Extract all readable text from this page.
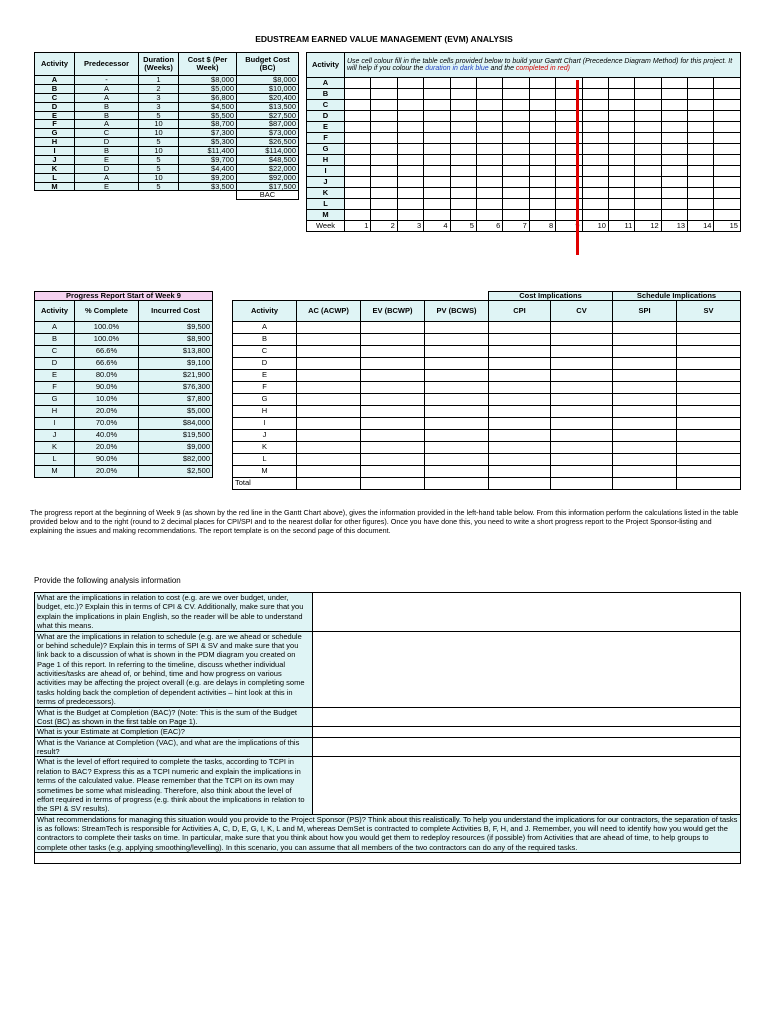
EDUSTREAM EARNED VALUE MANAGEMENT (EVM) ANALYSIS
Activity	Predecessor	Duration (Weeks)	Cost $ (Per Week)	Budget Cost (BC)
A	-	1	$8,000	$8,000
B	A	2	$5,000	$10,000
C	A	3	$6,800	$20,400
D	B	3	$4,500	$13,500
E	B	5	$5,500	$27,500
F	A	10	$8,700	$87,000
G	C	10	$7,300	$73,000
H	D	5	$5,300	$26,500
I	B	10	$11,400	$114,000
J	E	5	$9,700	$48,500
K	D	5	$4,400	$22,000
L	A	10	$9,200	$92,000
M	E	5	$3,500	$17,500
				BAC
Activity	Use cell colour fill in the table cells provided below to build your Gantt Chart (Precedence Diagram Method) for this project. It will help if you colour the duration in dark blue and the completed in red)														
A															
B															
C															
D															
E															
F															
G															
H															
I															
J															
K															
L															
M															
Week	1	2	3	4	5	6	7	8		10	11	12	13	14	15
The progress report at the beginning of Week 9 (as shown by the red line in the Gantt Chart above), gives the information provided in the left-hand table below. From this information perform the calculations listed in the table provided below and to the right (round to 2 decimal places for CPI/SPI and to the nearest dollar for other figures). Once you have done this, you need to write a short progress report to the Project Sponsor-listing and explaining the issues and making recommendations. The report template is on the second page of this document.
Progress Report Start of Week 9		
Activity	% Complete	Incurred Cost
A	100.0%	$9,500
B	100.0%	$8,900
C	66.6%	$13,800
D	66.6%	$9,100
E	80.0%	$21,900
F	90.0%	$76,300
G	10.0%	$7,800
H	20.0%	$5,000
I	70.0%	$84,000
J	40.0%	$19,500
K	20.0%	$9,000
L	90.0%	$82,000
M	20.0%	$2,500
				Cost Implications		Schedule Implications	
Activity	AC (ACWP)	EV (BCWP)	PV (BCWS)	CPI	CV	SPI	SV
A							
B							
C							
D							
E							
F							
G							
H							
I							
J							
K							
L							
M							
Total							
Provide the following analysis information
What are the implications in relation to cost (e.g. are we over budget, under, budget, etc.)? Explain this in terms of CPI & CV. Additionally, make sure that you explain the implications in plain English, so the reader will be able to understand what this means.	
What are the implications in relation to schedule (e.g. are we ahead or schedule or behind schedule)? Explain this in terms of SPI & SV and make sure that you link back to a discussion of what is shown in the PDM diagram you created on Page 1 of this report. In referring to the timeline, discuss whether individual activities/tasks are ahead of, or behind, time and how progress on various activities may be affecting the project overall (e.g. are delays in completing some tasks holding back the completion of dependent activities – hint look at this in terms of predecessors).	
What is the Budget at Completion (BAC)? (Note: This is the sum of the Budget Cost (BC) as shown in the first table on Page 1).	
What is your Estimate at Completion (EAC)?	
What is the Variance at Completion (VAC), and what are the implications of this result?	
What is the level of effort required to complete the tasks, according to TCPI in relation to BAC? Express this as a TCPI numeric and explain the implications in terms of the calculated value. Please remember that the TCPI on its own may sometimes be some what misleading. Therefore, also think about the level of effort required in terms of progress (e.g. think about the implications in relation to the SPI & SV results).	
What recommendations for managing this situation would you provide to the Project Sponsor (PS)? Think about this realistically. To help you understand the implications for our contractors, the separation of tasks is as follows: StreamTech is responsible for Activities A, C, D, E, G, I, K, L and M, whereas DemSet is contracted to complete Activities B, F, H, and J. Remember, you will need to identify how you would get the contractors to complete their tasks on time. In particular, make sure that you think about how you would get them to redeploy resources (if possible) from Activities that are ahead of time, to help groups to complete other tasks (e.g. applying smoothing/levelling). In this scenario, you can assume that all members of the two contractors can do any of the required tasks.	
